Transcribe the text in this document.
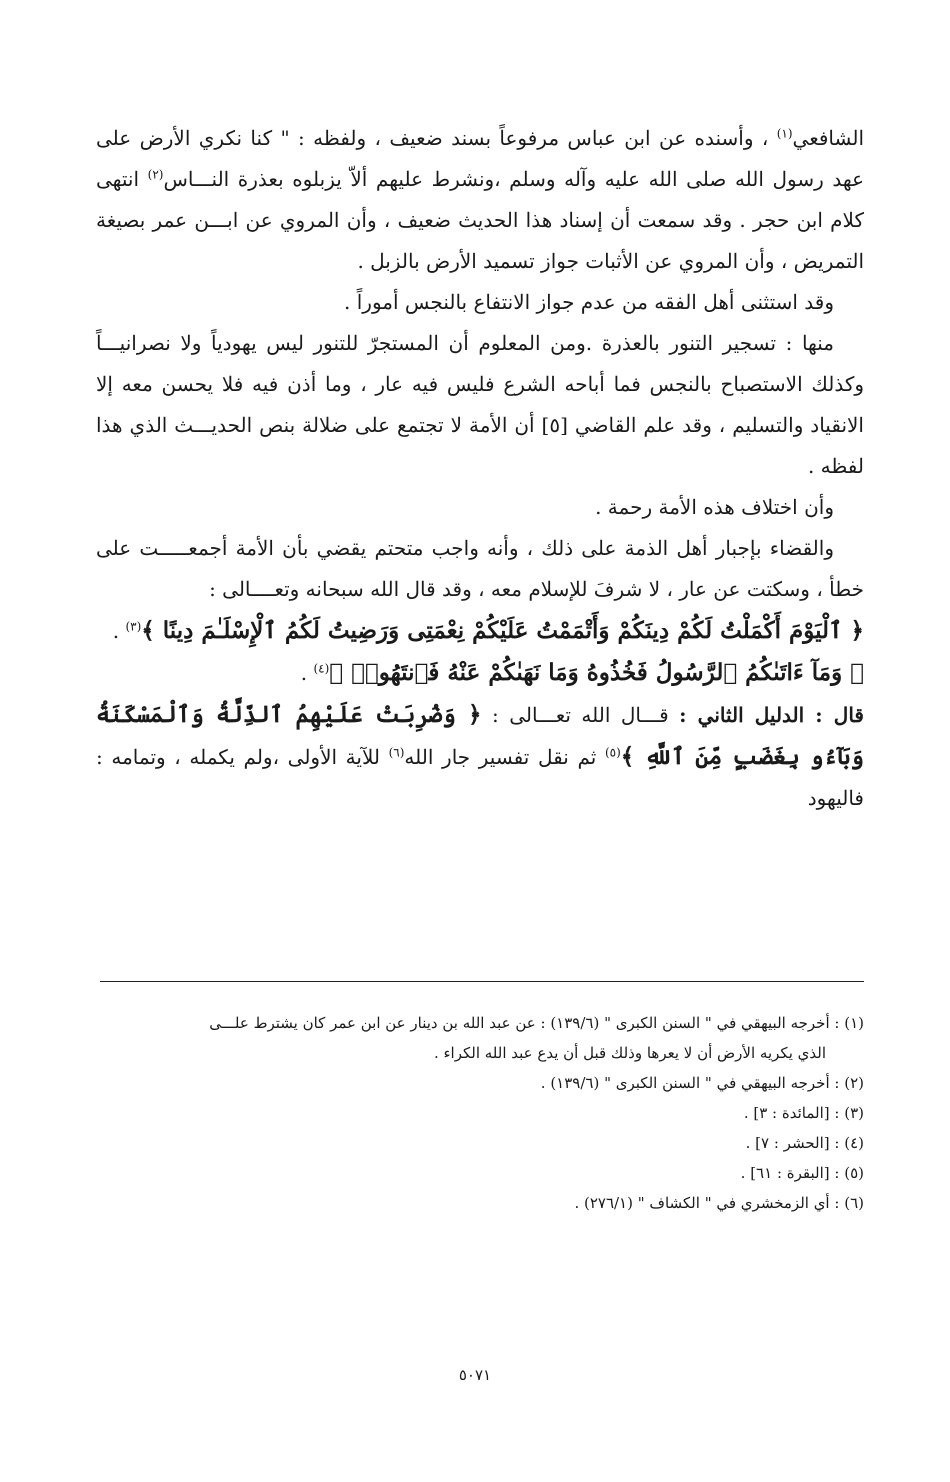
الشافعي$^{(١)}$ ، وأسنده عن ابن عباس مرفوعاً بسند ضعيف ، ولفظه : " كنا نكري الأرض على عهد رسول الله صلى الله عليه وآله وسلم ،ونشرط عليهم ألاّ يزبلوه بعذرة النـــاس$^{(٢)}$ انتهى كلام ابن حجر . وقد سمعت أن إسناد هذا الحديث ضعيف ، وأن المروي عن ابـــن عمر بصيغة التمريض ، وأن المروي عن الأثبات جواز تسميد الأرض بالزبل .

وقد استثنى أهل الفقه من عدم جواز الانتفاع بالنجس أموراً .

منها : تسجير التنور بالعذرة .ومن المعلوم أن المستجرّ للتنور ليس يهودياً ولا نصرانيـــاً وكذلك الاستصباح بالنجس فما أباحه الشرع فليس فيه عار ، وما أذن فيه فلا يحسن معه إلا الانقياد والتسليم ، وقد علم القاضي [٥] أن الأمة لا تجتمع على ضلالة بنص الحديـــث الذي هذا لفظه .

وأن اختلاف هذه الأمة رحمة .

والقضاء بإجبار أهل الذمة على ذلك ، وأنه واجب متحتم يقضي بأن الأمة أجمعـــــت على خطأ ، وسكتت عن عار ، لا شرفَ للإسلام معه ، وقد قال الله سبحانه وتعــــالى :

﴿ ٱلْيَوْمَ أَكْمَلْتُ لَكُمْ دِينَكُمْ وَأَتْمَمْتُ عَلَيْكُمْ نِعْمَتِى وَرَضِيتُ لَكُمُ ٱلْإِسْلَـٰمَ دِينًا ﴾$^{(٣)}$ .

﴿ وَمَآ ءَاتَىٰكُمُ ٱلرَّسُولُ فَخُذُوهُ وَمَا نَهَىٰكُمْ عَنْهُ فَٱنتَهُوا۟ ﴾$^{(٤)}$ .

قال : الدليل الثاني : قـــال الله تعـــالى : ﴿ وَضُرِبَتْ عَلَيْهِمُ ٱلذِّلَّةُ وَٱلْمَسْكَنَةُ وَبَآءُو بِغَضَبٍ مِّنَ ٱللَّهِ ﴾$^{(٥)}$ ثم نقل تفسير جار الله$^{(٦)}$ للآية الأولى ،ولم يكمله ، وتمامه : فاليهود

(١) : أخرجه البيهقي في " السنن الكبرى " (١٣٩/٦) : عن عبد الله بن دينار عن ابن عمر كان يشترط علـــى
الذي يكريه الأرض أن لا يعرها وذلك قبل أن يدع عبد الله الكراء .

(٢) : أخرجه البيهقي في " السنن الكبرى " (١٣٩/٦) .

(٣) : [المائدة : ٣] .

(٤) : [الحشر : ٧] .

(٥) : [البقرة : ٦١] .

(٦) : أي الزمخشري في " الكشاف " (٢٧٦/١) .

٥٠٧١
